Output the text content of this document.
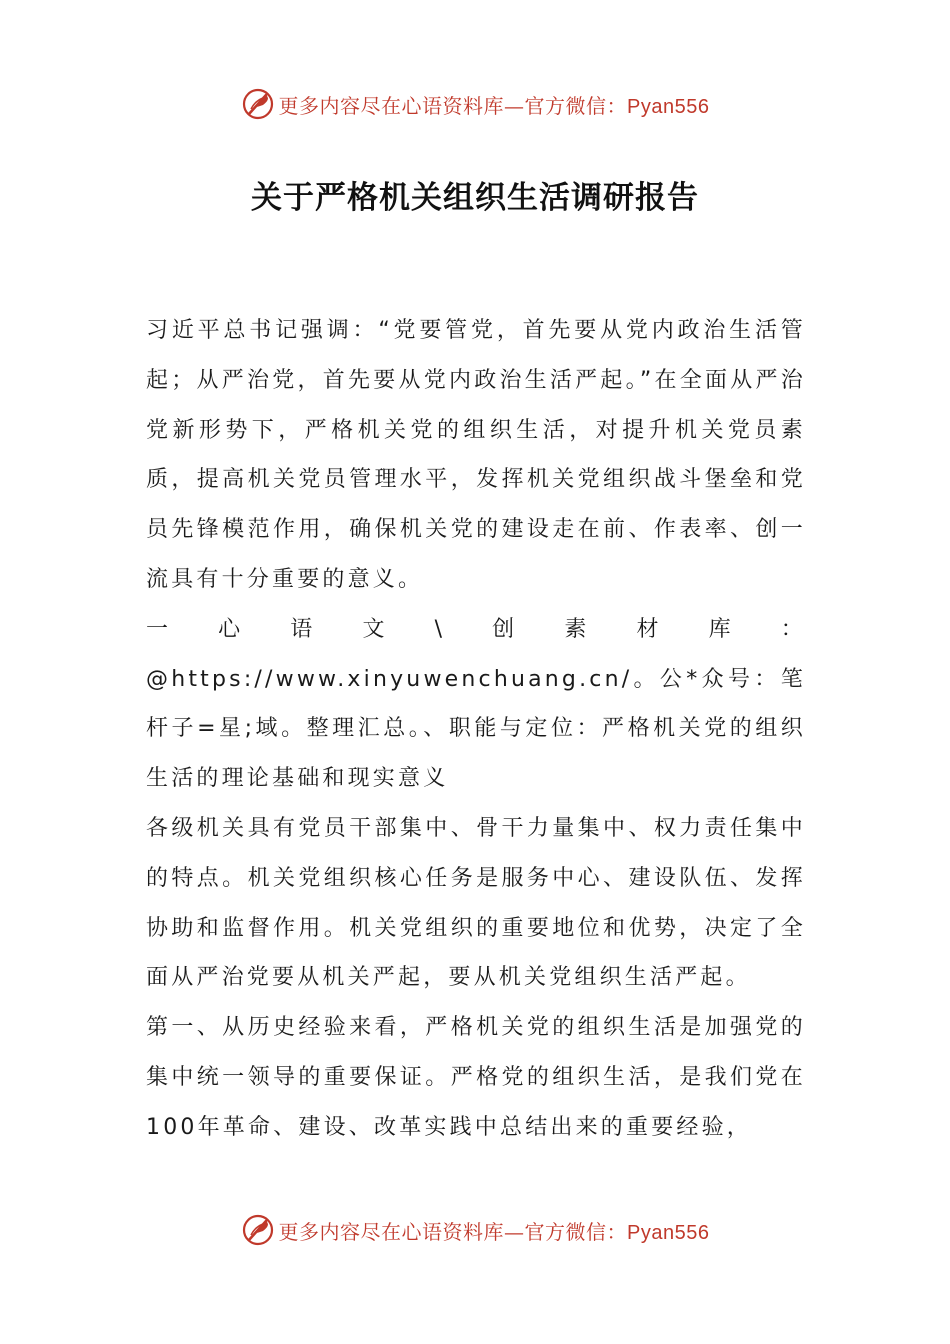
更多内容尽在心语资料库—官方微信：Pyan556
关于严格机关组织生活调研报告

习近平总书记强调：“党要管党，首先要从党内政治生活管起；从严治党，首先要从党内政治生活严起。”在全面从严治党新形势下，严格机关党的组织生活，对提升机关党员素质，提高机关党员管理水平，发挥机关党组织战斗堡垒和党员先锋模范作用，确保机关党的建设走在前、作表率、创一流具有十分重要的意义。

一心语文\创素材库：@https://www.xinyuwenchuang.cn/。公*众号：笔杆子=星;域。整理汇总。、职能与定位：严格机关党的组织生活的理论基础和现实意义

各级机关具有党员干部集中、骨干力量集中、权力责任集中的特点。机关党组织核心任务是服务中心、建设队伍、发挥协助和监督作用。机关党组织的重要地位和优势，决定了全面从严治党要从机关严起，要从机关党组织生活严起。

第一、从历史经验来看，严格机关党的组织生活是加强党的集中统一领导的重要保证。严格党的组织生活，是我们党在100年革命、建设、改革实践中总结出来的重要经验，

更多内容尽在心语资料库—官方微信：Pyan556
